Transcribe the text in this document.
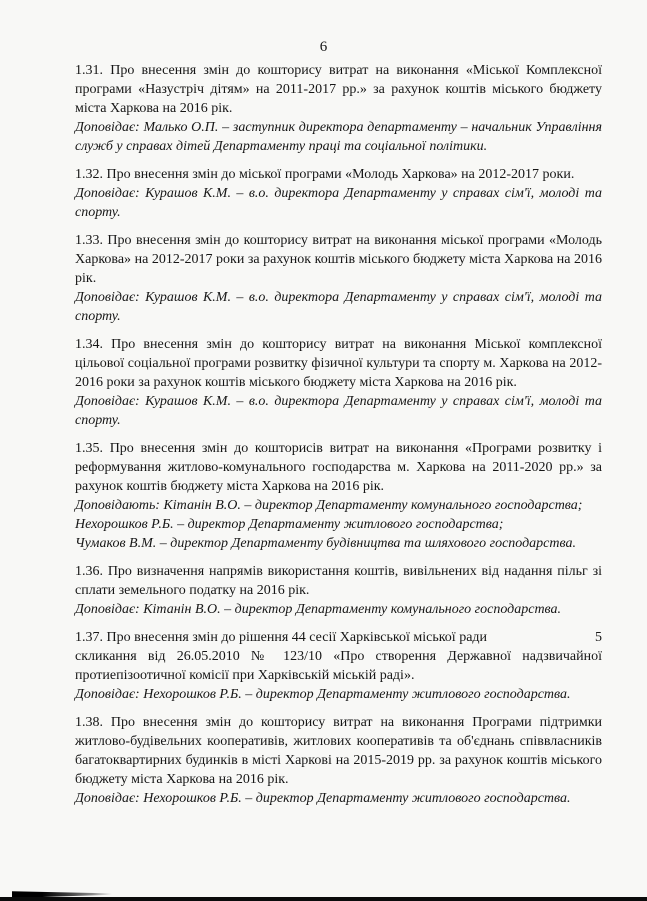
6

1.31. Про внесення змін до кошторису витрат на виконання «Міської Комплексної програми «Назустріч дітям» на 2011-2017 рр.» за рахунок коштів міського бюджету міста Харкова на 2016 рік.

Доповідає: Малько О.П. – заступник директора департаменту – начальник Управління служб у справах дітей Департаменту праці та соціальної політики.

1.32. Про внесення змін до міської програми «Молодь Харкова» на 2012-2017 роки.

Доповідає: Курашов К.М. – в.о. директора Департаменту у справах сім'ї, молоді та спорту.

1.33. Про внесення змін до кошторису витрат на виконання міської програми «Молодь Харкова» на 2012-2017 роки за рахунок коштів міського бюджету міста Харкова на 2016 рік.

Доповідає: Курашов К.М. – в.о. директора Департаменту у справах сім'ї, молоді та спорту.

1.34. Про внесення змін до кошторису витрат на виконання Міської комплексної цільової соціальної програми розвитку фізичної культури та спорту м. Харкова на 2012-2016 роки за рахунок коштів міського бюджету міста Харкова на 2016 рік.

Доповідає: Курашов К.М. – в.о. директора Департаменту у справах сім'ї, молоді та спорту.

1.35. Про внесення змін до кошторисів витрат на виконання «Програми розвитку і реформування житлово-комунального господарства м. Харкова на 2011-2020 рр.» за рахунок коштів бюджету міста Харкова на 2016 рік.

Доповідають: Кітанін В.О. – директор Департаменту комунального господарства;

Нехорошков Р.Б. – директор Департаменту житлового господарства;

Чумаков В.М. – директор Департаменту будівництва та шляхового господарства.

1.36. Про визначення напрямів використання коштів, вивільнених від надання пільг зі сплати земельного податку на 2016 рік.

Доповідає: Кітанін В.О. – директор Департаменту комунального господарства.

1.37. Про внесення змін до рішення 44 сесії Харківської міської ради	5

скликання від 26.05.2010 № 123/10 «Про створення Державної надзвичайної протиепізоотичної комісії при Харківській міській раді».

Доповідає: Нехорошков Р.Б. – директор Департаменту житлового господарства.

1.38. Про внесення змін до кошторису витрат на виконання Програми підтримки житлово-будівельних кооперативів, житлових кооперативів та об'єднань співвласників багатоквартирних будинків в місті Харкові на 2015-2019 рр. за рахунок коштів міського бюджету міста Харкова на 2016 рік.

Доповідає: Нехорошков Р.Б. – директор Департаменту житлового господарства.
